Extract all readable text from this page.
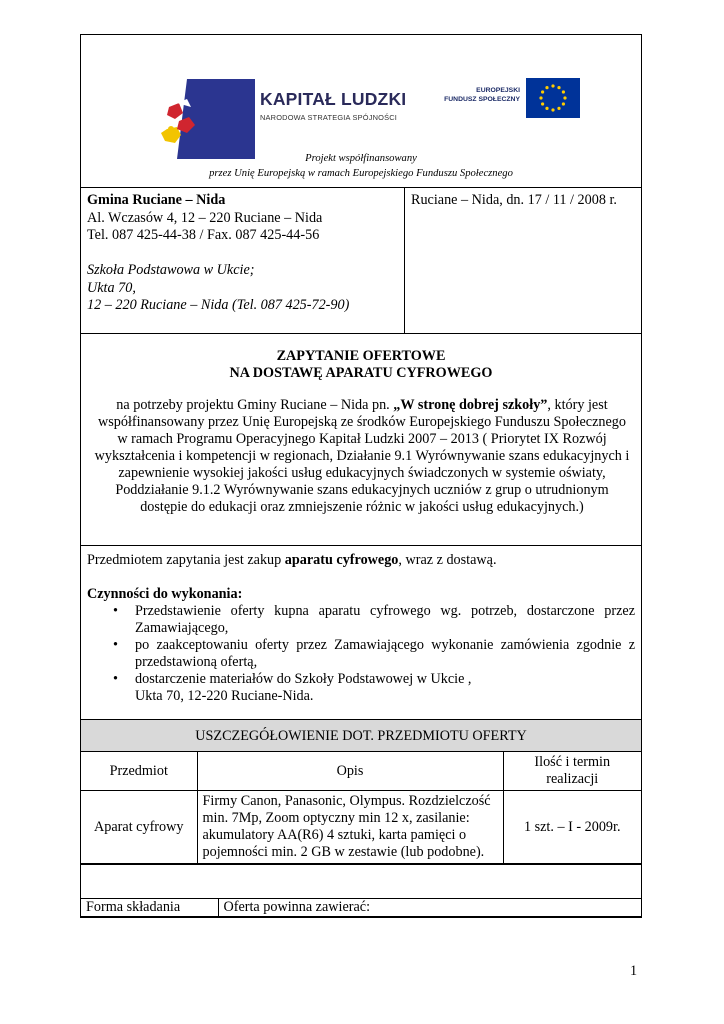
KAPITAŁ LUDZKI
NARODOWA STRATEGIA SPÓJNOŚCI
EUROPEJSKI
FUNDUSZ SPOŁECZNY
Projekt współfinansowany
przez Unię Europejską w ramach Europejskiego Funduszu Społecznego
Gmina Ruciane – Nida
Al. Wczasów 4, 12 – 220 Ruciane – Nida
Tel. 087 425-44-38 / Fax. 087 425-44-56
Szkoła Podstawowa w Ukcie;
Ukta 70,
12 – 220 Ruciane – Nida (Tel. 087 425-72-90)
Ruciane – Nida, dn. 17 / 11 / 2008 r.
ZAPYTANIE OFERTOWE
NA DOSTAWĘ APARATU CYFROWEGO
na potrzeby projektu Gminy Ruciane – Nida pn. „W stronę dobrej szkoły”, który jest współfinansowany przez Unię Europejską ze środków Europejskiego Funduszu Społecznego w ramach Programu Operacyjnego Kapitał Ludzki 2007 – 2013 ( Priorytet IX Rozwój wykształcenia i kompetencji w regionach, Działanie 9.1 Wyrównywanie szans edukacyjnych i zapewnienie wysokiej jakości usług edukacyjnych świadczonych w systemie oświaty, Poddziałanie 9.1.2 Wyrównywanie szans edukacyjnych uczniów z grup o utrudnionym dostępie do edukacji oraz zmniejszenie różnic w jakości usług edukacyjnych.)

Przedmiotem zapytania jest zakup aparatu cyfrowego, wraz z dostawą.

Czynności do wykonania:

• Przedstawienie oferty kupna aparatu cyfrowego wg. potrzeb, dostarczone przez Zamawiającego,
• po zaakceptowaniu oferty przez Zamawiającego wykonanie zamówienia zgodnie z przedstawioną ofertą,
• dostarczenie materiałów do Szkoły Podstawowej w Ukcie ,
Ukta 70, 12-220 Ruciane-Nida.
USZCZEGÓŁOWIENIE DOT. PRZEDMIOTU OFERTY
Przedmiot	Opis	Ilość i termin realizacji
Aparat cyfrowy	Firmy Canon, Panasonic, Olympus. Rozdzielczość min. 7Mp, Zoom optyczny min 12 x, zasilanie: akumulatory AA(R6) 4 sztuki, karta pamięci o pojemności min. 2 GB w zestawie (lub podobne).	1 szt. – I - 2009r.
Forma składania	Oferta powinna zawierać:
1
